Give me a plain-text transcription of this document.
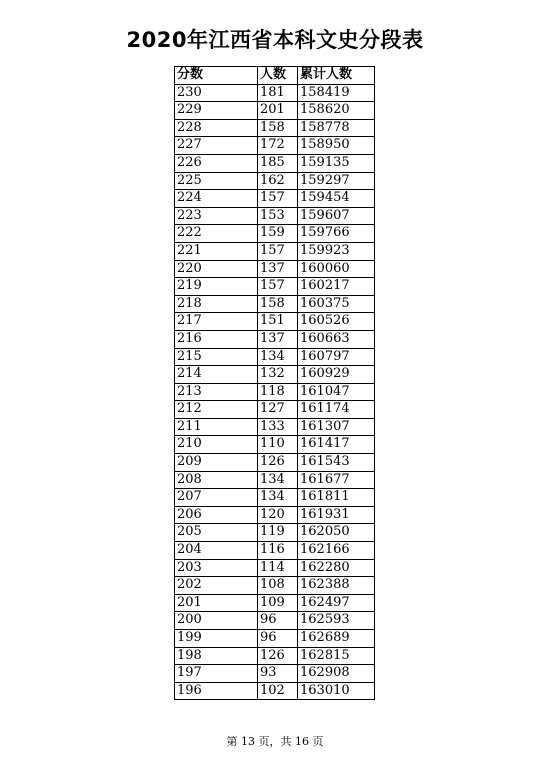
2020年江西省本科文史分段表
分数	人数	累计人数
230	181	158419
229	201	158620
228	158	158778
227	172	158950
226	185	159135
225	162	159297
224	157	159454
223	153	159607
222	159	159766
221	157	159923
220	137	160060
219	157	160217
218	158	160375
217	151	160526
216	137	160663
215	134	160797
214	132	160929
213	118	161047
212	127	161174
211	133	161307
210	110	161417
209	126	161543
208	134	161677
207	134	161811
206	120	161931
205	119	162050
204	116	162166
203	114	162280
202	108	162388
201	109	162497
200	96	162593
199	96	162689
198	126	162815
197	93	162908
196	102	163010
第 13 页，共 16 页
